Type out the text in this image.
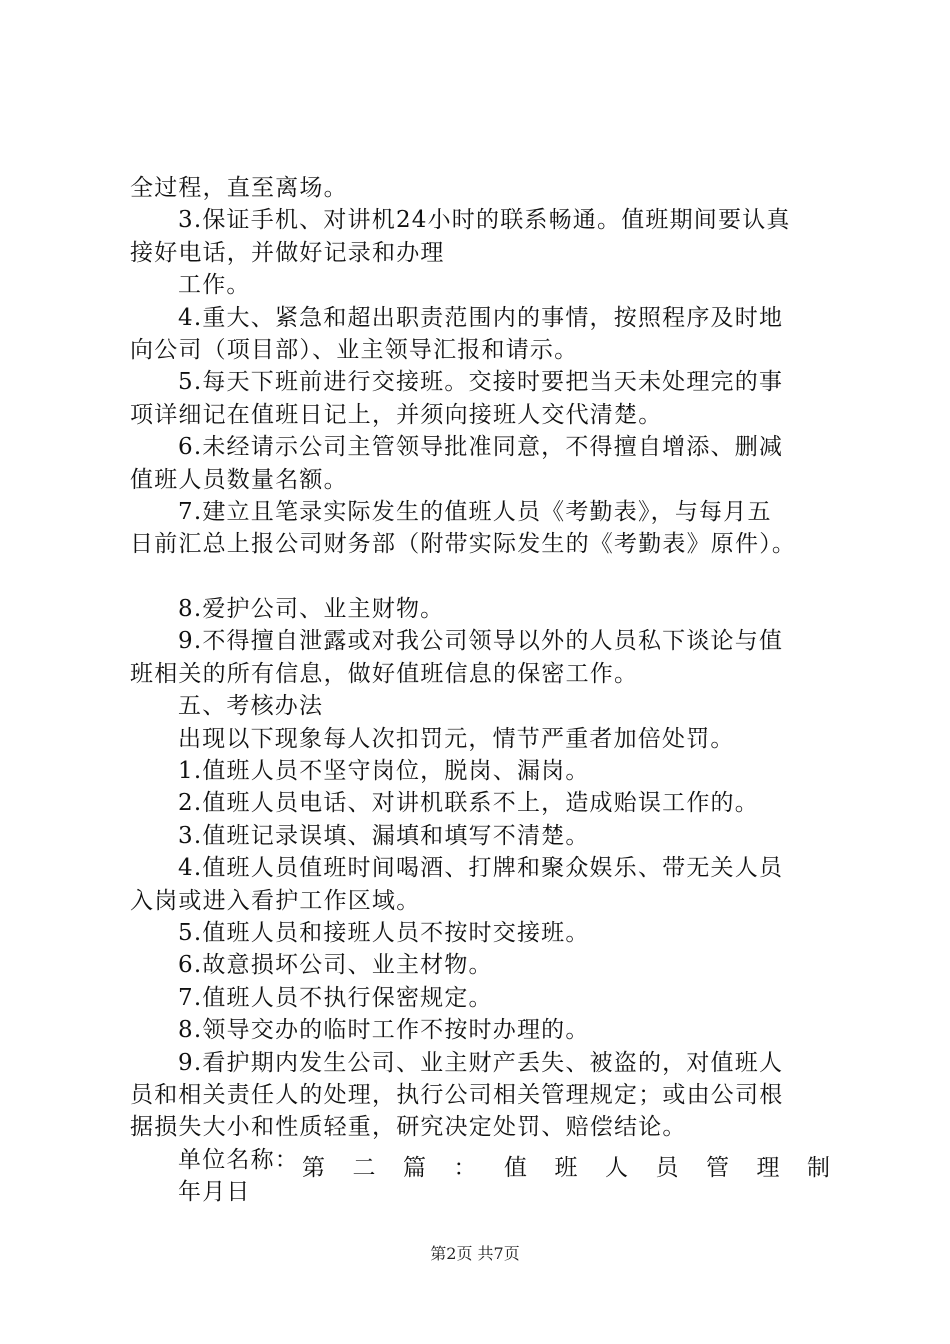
全过程，直至离场。
3.保证手机、对讲机24小时的联系畅通。值班期间要认真
接好电话，并做好记录和办理
工作。
4.重大、紧急和超出职责范围内的事情，按照程序及时地
向公司（项目部）、业主领导汇报和请示。
5.每天下班前进行交接班。交接时要把当天未处理完的事
项详细记在值班日记上，并须向接班人交代清楚。
6.未经请示公司主管领导批准同意，不得擅自增添、删减
值班人员数量名额。
7.建立且笔录实际发生的值班人员《考勤表》，与每月五
日前汇总上报公司财务部（附带实际发生的《考勤表》原件）。
8.爱护公司、业主财物。
9.不得擅自泄露或对我公司领导以外的人员私下谈论与值
班相关的所有信息，做好值班信息的保密工作。
五、考核办法
出现以下现象每人次扣罚元，情节严重者加倍处罚。
1.值班人员不坚守岗位，脱岗、漏岗。
2.值班人员电话、对讲机联系不上，造成贻误工作的。
3.值班记录误填、漏填和填写不清楚。
4.值班人员值班时间喝酒、打牌和聚众娱乐、带无关人员
入岗或进入看护工作区域。
5.值班人员和接班人员不按时交接班。
6.故意损坏公司、业主材物。
7.值班人员不执行保密规定。
8.领导交办的临时工作不按时办理的。
9.看护期内发生公司、业主财产丢失、被盗的，对值班人
员和相关责任人的处理，执行公司相关管理规定；或由公司根
据损失大小和性质轻重，研究决定处罚、赔偿结论。
单位名称：
年月日
第 二 篇 ： 值 班 人 员 管 理 制
第2页 共7页
